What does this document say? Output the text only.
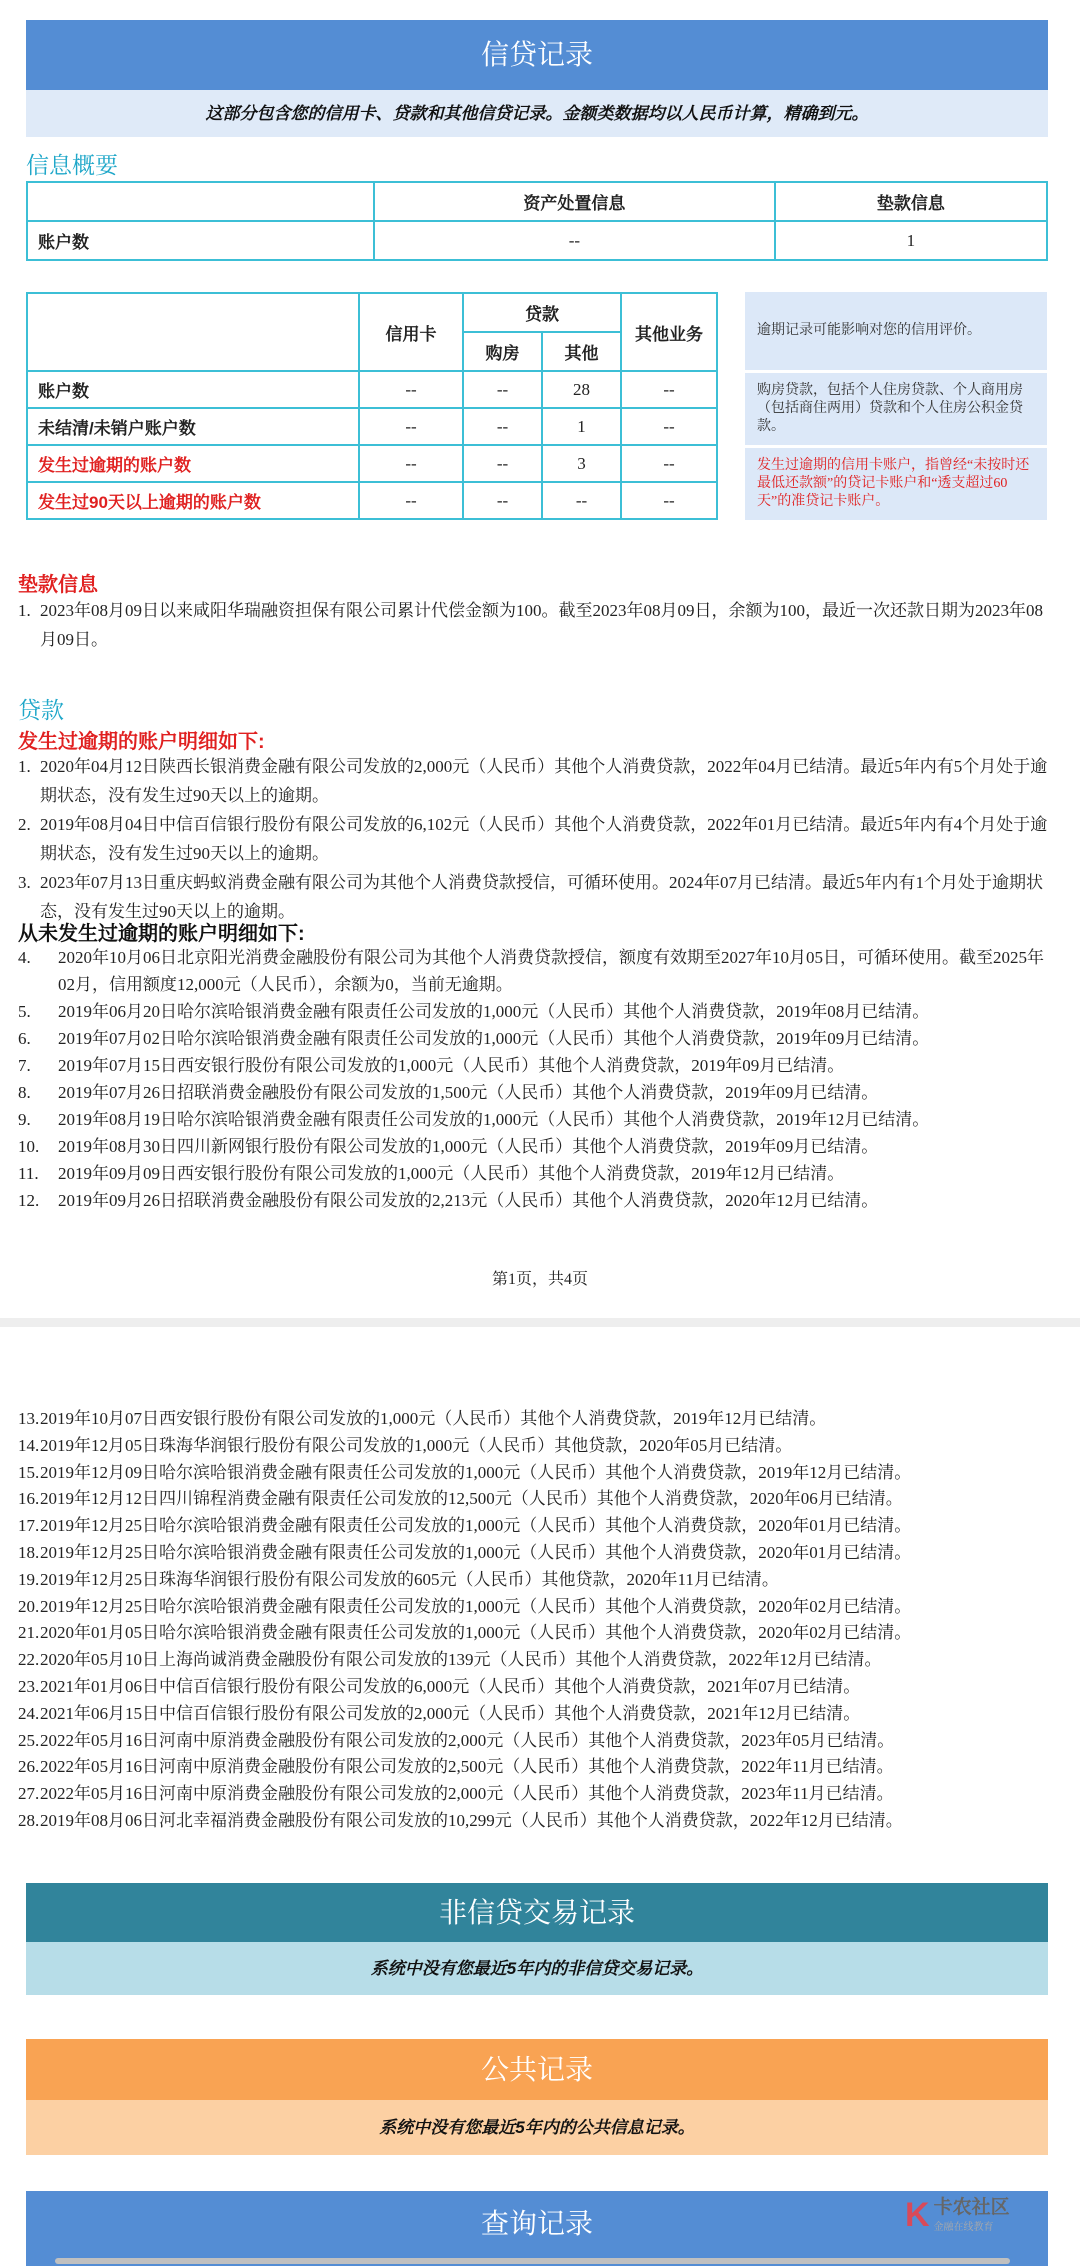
信贷记录
这部分包含您的信用卡、贷款和其他信贷记录。金额类数据均以人民币计算，精确到元。
信息概要
	资产处置信息	垫款信息
账户数	--	1
	信用卡	贷款		其他业务
		购房	其他	
账户数	--	--	28	--
未结清/未销户账户数	--	--	1	--
发生过逾期的账户数	--	--	3	--
发生过90天以上逾期的账户数	--	--	--	--
逾期记录可能影响对您的信用评价。
购房贷款，包括个人住房贷款、个人商用房（包括商住两用）贷款和个人住房公积金贷款。
发生过逾期的信用卡账户，指曾经“未按时还最低还款额”的贷记卡账户和“透支超过60天”的准贷记卡账户。
垫款信息
1. 2023年08月09日以来咸阳华瑞融资担保有限公司累计代偿金额为100。截至2023年08月09日，余额为100，最近一次还款日期为2023年08月09日。
贷款
发生过逾期的账户明细如下:
1. 2020年04月12日陕西长银消费金融有限公司发放的2,000元（人民币）其他个人消费贷款，2022年04月已结清。最近5年内有5个月处于逾期状态，没有发生过90天以上的逾期。
2. 2019年08月04日中信百信银行股份有限公司发放的6,102元（人民币）其他个人消费贷款，2022年01月已结清。最近5年内有4个月处于逾期状态，没有发生过90天以上的逾期。
3. 2023年07月13日重庆蚂蚁消费金融有限公司为其他个人消费贷款授信，可循环使用。2024年07月已结清。最近5年内有1个月处于逾期状态，没有发生过90天以上的逾期。
从未发生过逾期的账户明细如下:
4.	2020年10月06日北京阳光消费金融股份有限公司为其他个人消费贷款授信，额度有效期至2027年10月05日，可循环使用。截至2025年02月，信用额度12,000元（人民币），余额为0，当前无逾期。
5.	2019年06月20日哈尔滨哈银消费金融有限责任公司发放的1,000元（人民币）其他个人消费贷款，2019年08月已结清。
6.	2019年07月02日哈尔滨哈银消费金融有限责任公司发放的1,000元（人民币）其他个人消费贷款，2019年09月已结清。
7.	2019年07月15日西安银行股份有限公司发放的1,000元（人民币）其他个人消费贷款，2019年09月已结清。
8.	2019年07月26日招联消费金融股份有限公司发放的1,500元（人民币）其他个人消费贷款，2019年09月已结清。
9.	2019年08月19日哈尔滨哈银消费金融有限责任公司发放的1,000元（人民币）其他个人消费贷款，2019年12月已结清。
10.	2019年08月30日四川新网银行股份有限公司发放的1,000元（人民币）其他个人消费贷款，2019年09月已结清。
11.	2019年09月09日西安银行股份有限公司发放的1,000元（人民币）其他个人消费贷款，2019年12月已结清。
12.	2019年09月26日招联消费金融股份有限公司发放的2,213元（人民币）其他个人消费贷款，2020年12月已结清。
第1页，共4页
13. 2019年10月07日西安银行股份有限公司发放的1,000元（人民币）其他个人消费贷款，2019年12月已结清。
14. 2019年12月05日珠海华润银行股份有限公司发放的1,000元（人民币）其他贷款，2020年05月已结清。
15. 2019年12月09日哈尔滨哈银消费金融有限责任公司发放的1,000元（人民币）其他个人消费贷款，2019年12月已结清。
16. 2019年12月12日四川锦程消费金融有限责任公司发放的12,500元（人民币）其他个人消费贷款，2020年06月已结清。
17. 2019年12月25日哈尔滨哈银消费金融有限责任公司发放的1,000元（人民币）其他个人消费贷款，2020年01月已结清。
18. 2019年12月25日哈尔滨哈银消费金融有限责任公司发放的1,000元（人民币）其他个人消费贷款，2020年01月已结清。
19. 2019年12月25日珠海华润银行股份有限公司发放的605元（人民币）其他贷款，2020年11月已结清。
20. 2019年12月25日哈尔滨哈银消费金融有限责任公司发放的1,000元（人民币）其他个人消费贷款，2020年02月已结清。
21. 2020年01月05日哈尔滨哈银消费金融有限责任公司发放的1,000元（人民币）其他个人消费贷款，2020年02月已结清。
22. 2020年05月10日上海尚诚消费金融股份有限公司发放的139元（人民币）其他个人消费贷款，2022年12月已结清。
23. 2021年01月06日中信百信银行股份有限公司发放的6,000元（人民币）其他个人消费贷款，2021年07月已结清。
24. 2021年06月15日中信百信银行股份有限公司发放的2,000元（人民币）其他个人消费贷款，2021年12月已结清。
25. 2022年05月16日河南中原消费金融股份有限公司发放的2,000元（人民币）其他个人消费贷款，2023年05月已结清。
26. 2022年05月16日河南中原消费金融股份有限公司发放的2,500元（人民币）其他个人消费贷款，2022年11月已结清。
27. 2022年05月16日河南中原消费金融股份有限公司发放的2,000元（人民币）其他个人消费贷款，2023年11月已结清。
28. 2019年08月06日河北幸福消费金融股份有限公司发放的10,299元（人民币）其他个人消费贷款，2022年12月已结清。
非信贷交易记录
系统中没有您最近5年内的非信贷交易记录。
公共记录
系统中没有您最近5年内的公共信息记录。
查询记录	K 卡农社区
金融在线教育
